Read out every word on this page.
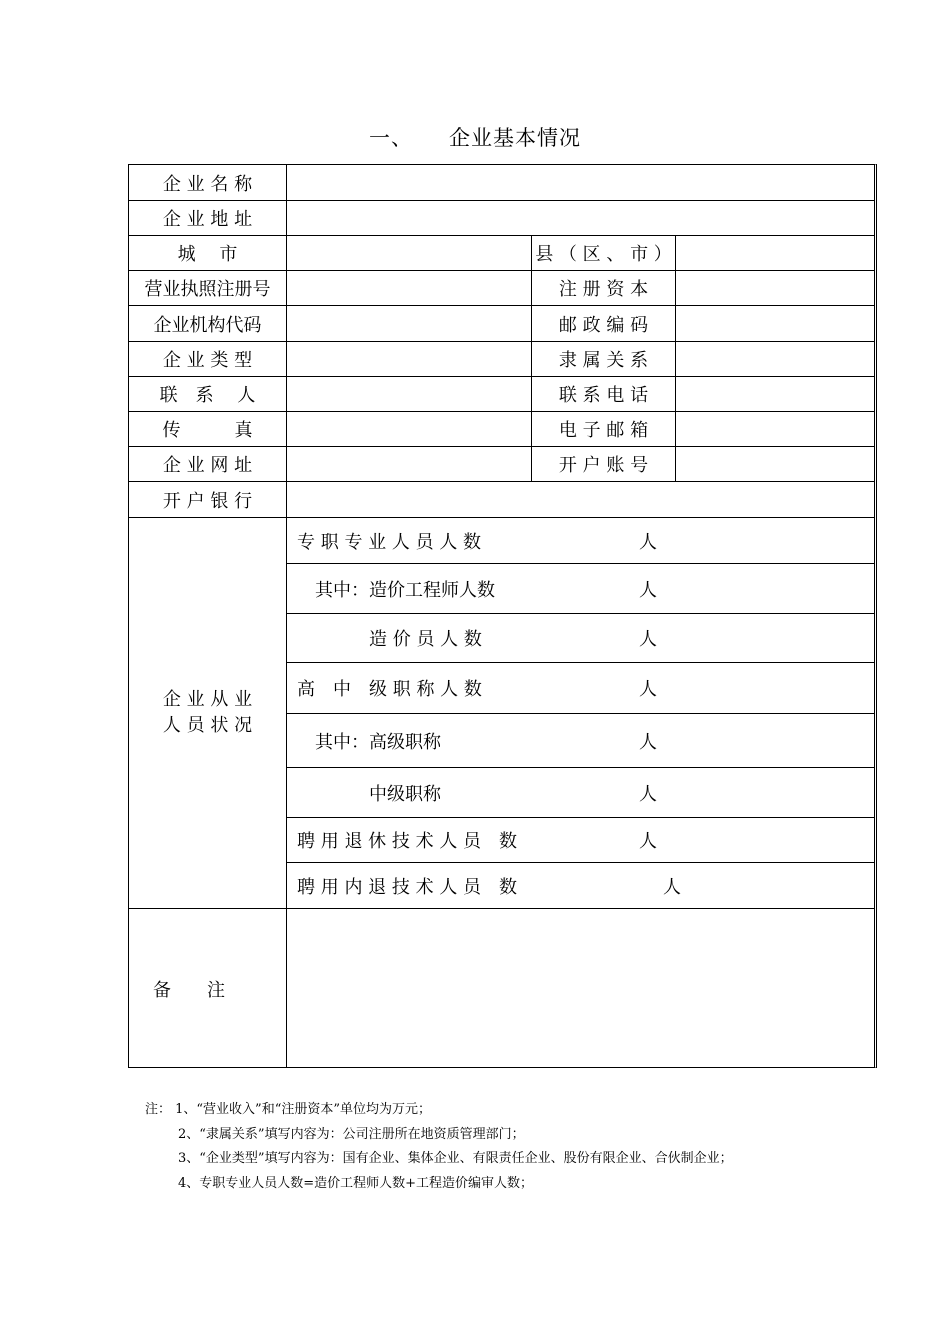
一、 企业基本情况
企 业 名 称
企 业 地 址
城　 市	县 （ 区 、 市 ）
营业执照注册号	注 册 资 本
企业机构代码	邮 政 编 码
企 业 类 型	隶 属 关 系
联　系　 人	联 系 电 话
传　　　真	电 子 邮 箱
企 业 网 址	开 户 账 号
开 户 银 行
企 业 从 业
人 员 状 况
专 职 专 业 人 员 人 数	人
　其中：造价工程师人数	人
　　　　造 价 员 人 数	人
高　中　级 职 称 人 数	人
　其中：高级职称	人
　　　　中级职称	人
聘 用 退 休 技 术 人 员　数	人
聘 用 内 退 技 术 人 员　数	人
备　　注
注： 1、“营业收入”和“注册资本”单位均为万元；
2、“隶属关系”填写内容为：公司注册所在地资质管理部门；
3、“企业类型”填写内容为：国有企业、集体企业、有限责任企业、股份有限企业、合伙制企业；
4、专职专业人员人数=造价工程师人数+工程造价编审人数；
